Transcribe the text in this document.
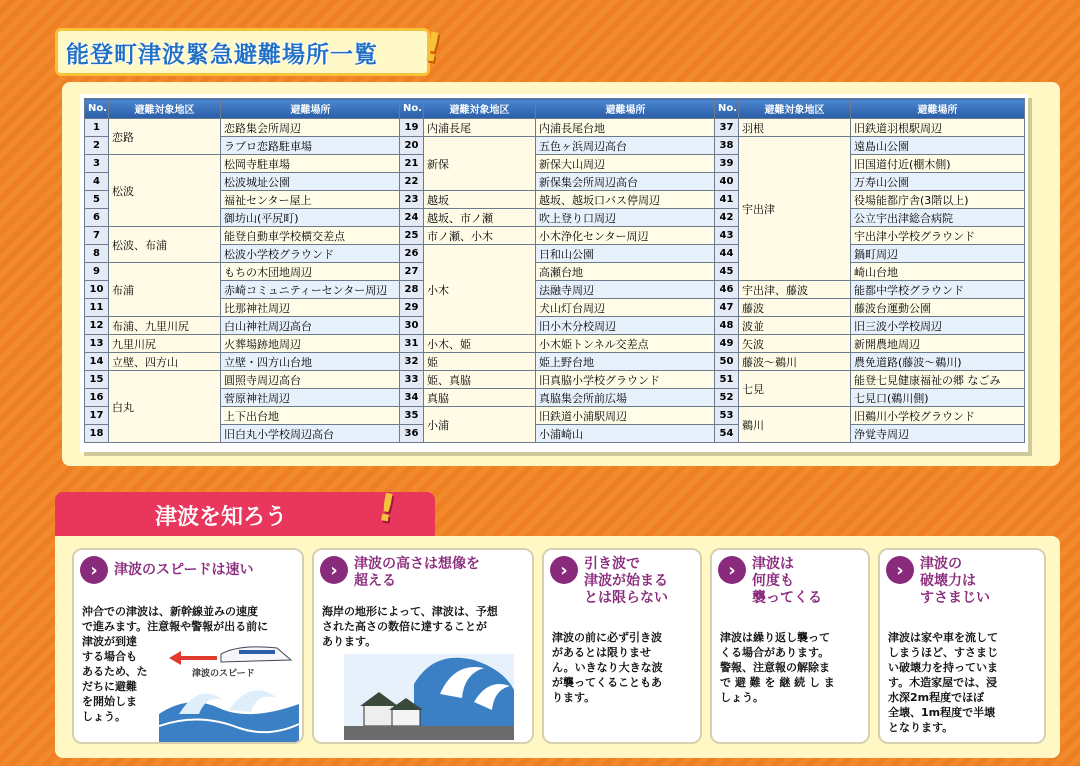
能登町津波緊急避難場所一覧 !
No.	避難対象地区	避難場所
1	恋路	恋路集会所周辺
2		ラブロ恋路駐車場
3	松波	松岡寺駐車場
4		松波城址公園
5		福祉センター屋上
6		御坊山(平尻町)
7	松波、布浦	能登自動車学校横交差点
8		松波小学校グラウンド
9	布浦	もちの木団地周辺
10		赤崎コミュニティーセンター周辺
11		比那神社周辺
12	布浦、九里川尻	白山神社周辺高台
13	九里川尻	火葬場跡地周辺
14	立壁、四方山	立壁・四方山台地
15	白丸	圓照寺周辺高台
16		菅原神社周辺
17		上下出台地
18		旧白丸小学校周辺高台
No.	避難対象地区	避難場所
19	内浦長尾	内浦長尾台地
20	新保	五色ヶ浜周辺高台
21		新保大山周辺
22		新保集会所周辺高台
23	越坂	越坂、越坂口バス停周辺
24	越坂、市ノ瀬	吹上登り口周辺
25	市ノ瀬、小木	小木浄化センター周辺
26	小木	日和山公園
27		高瀬台地
28		法融寺周辺
29		犬山灯台周辺
30		旧小木分校周辺
31	小木、姫	小木姫トンネル交差点
32	姫	姫上野台地
33	姫、真脇	旧真脇小学校グラウンド
34	真脇	真脇集会所前広場
35	小浦	旧鉄道小浦駅周辺
36		小浦崎山
No.	避難対象地区	避難場所
37	羽根	旧鉄道羽根駅周辺
38	宇出津	遠島山公園
39		旧国道付近(棚木側)
40		万寿山公園
41		役場能都庁舎(3階以上)
42		公立宇出津総合病院
43		宇出津小学校グラウンド
44		鍋町周辺
45		崎山台地
46	宇出津、藤波	能都中学校グラウンド
47	藤波	藤波台運動公園
48	波並	旧三波小学校周辺
49	矢波	新開農地周辺
50	藤波〜鵜川	農免道路(藤波〜鵜川)
51	七見	能登七見健康福祉の郷 なごみ
52		七見口(鵜川側)
53	鵜川	旧鵜川小学校グラウンド
54		浄覚寺周辺
津波を知ろう !
›	津波のスピードは速い
沖合での津波は、新幹線並みの速度
で進みます。注意報や警報が出る前に
津波が到達
する場合も
あるため、た
だちに避難
を開始しま
しょう。
津波のスピード
›	津波の高さは想像を
超える
海岸の地形によって、津波は、予想
された高さの数倍に達することが
あります。
›	引き波で
津波が始まる
とは限らない
津波の前に必ず引き波
があるとは限りませ
ん。いきなり大きな波
が襲ってくることもあ
ります。
›	津波は
何度も
襲ってくる
津波は繰り返し襲って
くる場合があります。
警報、注意報の解除ま
で 避 難 を 継 続 し ま
しょう。
›	津波の
破壊力は
すさまじい
津波は家や車を流して
しまうほど、すさまじ
い破壊力を持っていま
す。木造家屋では、浸
水深2m程度でほぼ
全壊、1m程度で半壊
となります。
